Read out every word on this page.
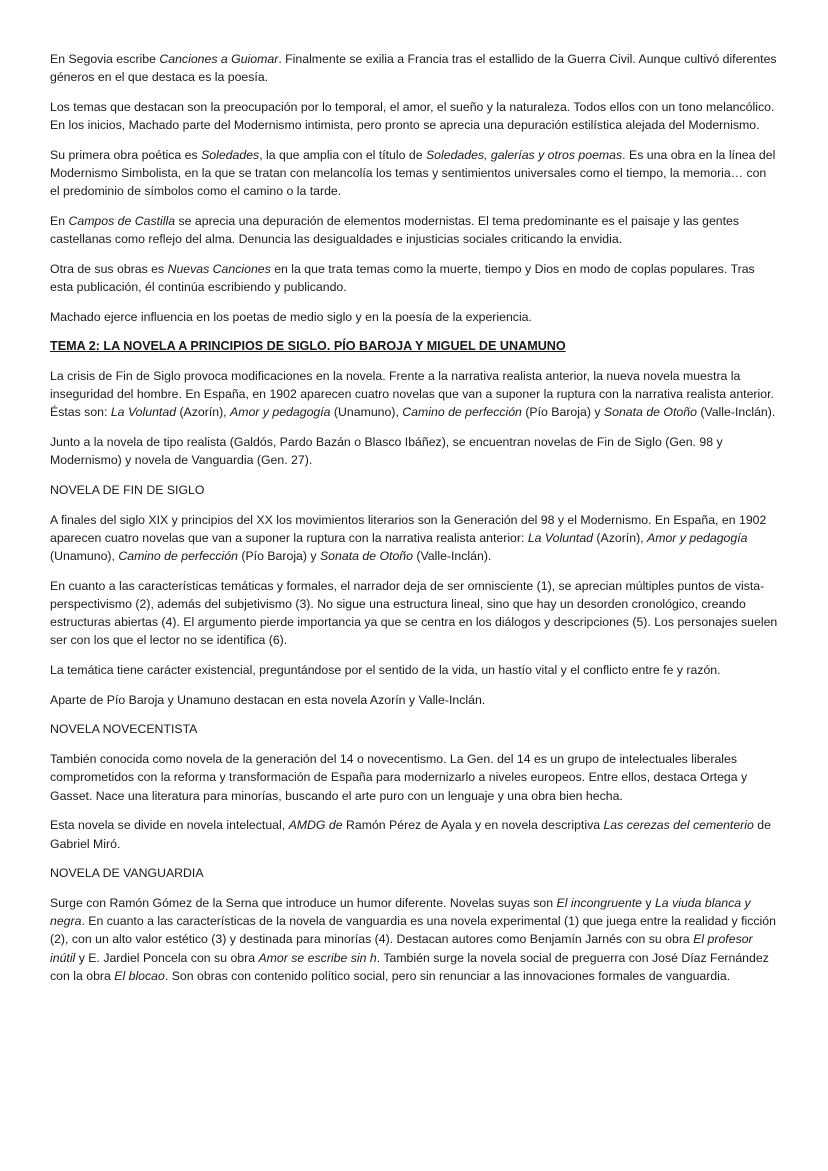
En Segovia escribe Canciones a Guiomar. Finalmente se exilia a Francia tras el estallido de la Guerra Civil. Aunque cultivó diferentes géneros en el que destaca es la poesía.

Los temas que destacan son la preocupación por lo temporal, el amor, el sueño y la naturaleza. Todos ellos con un tono melancólico. En los inicios, Machado parte del Modernismo intimista, pero pronto se aprecia una depuración estilística alejada del Modernismo.

Su primera obra poética es Soledades, la que amplia con el título de Soledades, galerías y otros poemas. Es una obra en la línea del Modernismo Simbolista, en la que se tratan con melancolía los temas y sentimientos universales como el tiempo, la memoria… con el predominio de símbolos como el camino o la tarde.

En Campos de Castilla se aprecia una depuración de elementos modernistas. El tema predominante es el paisaje y las gentes castellanas como reflejo del alma. Denuncia las desigualdades e injusticias sociales criticando la envidia.

Otra de sus obras es Nuevas Canciones en la que trata temas como la muerte, tiempo y Dios en modo de coplas populares. Tras esta publicación, él continúa escribiendo y publicando.

Machado ejerce influencia en los poetas de medio siglo y en la poesía de la experiencia.

TEMA 2: LA NOVELA A PRINCIPIOS DE SIGLO. PÍO BAROJA Y MIGUEL DE UNAMUNO

La crisis de Fin de Siglo provoca modificaciones en la novela. Frente a la narrativa realista anterior, la nueva novela muestra la inseguridad del hombre. En España, en 1902 aparecen cuatro novelas que van a suponer la ruptura con la narrativa realista anterior. Éstas son: La Voluntad (Azorín), Amor y pedagogía (Unamuno), Camino de perfección (Pío Baroja) y Sonata de Otoño (Valle-Inclán).

Junto a la novela de tipo realista (Galdós, Pardo Bazán o Blasco Ibáñez), se encuentran novelas de Fin de Siglo (Gen. 98 y Modernismo) y novela de Vanguardia (Gen. 27).

NOVELA DE FIN DE SIGLO

A finales del siglo XIX y principios del XX los movimientos literarios son la Generación del 98 y el Modernismo. En España, en 1902 aparecen cuatro novelas que van a suponer la ruptura con la narrativa realista anterior: La Voluntad (Azorín), Amor y pedagogía (Unamuno), Camino de perfección (Pío Baroja) y Sonata de Otoño (Valle-Inclán).

En cuanto a las características temáticas y formales, el narrador deja de ser omnisciente (1), se aprecian múltiples puntos de vista-perspectivismo (2), además del subjetivismo (3). No sigue una estructura lineal, sino que hay un desorden cronológico, creando estructuras abiertas (4). El argumento pierde importancia ya que se centra en los diálogos y descripciones (5). Los personajes suelen ser con los que el lector no se identifica (6).

La temática tiene carácter existencial, preguntándose por el sentido de la vida, un hastío vital y el conflicto entre fe y razón.

Aparte de Pío Baroja y Unamuno destacan en esta novela Azorín y Valle-Inclán.

NOVELA NOVECENTISTA

También conocida como novela de la generación del 14 o novecentismo. La Gen. del 14 es un grupo de intelectuales liberales comprometidos con la reforma y transformación de España para modernizarlo a niveles europeos. Entre ellos, destaca Ortega y Gasset. Nace una literatura para minorías, buscando el arte puro con un lenguaje y una obra bien hecha.

Esta novela se divide en novela intelectual, AMDG de Ramón Pérez de Ayala y en novela descriptiva Las cerezas del cementerio de Gabriel Miró.

NOVELA DE VANGUARDIA

Surge con Ramón Gómez de la Serna que introduce un humor diferente. Novelas suyas son El incongruente y La viuda blanca y negra. En cuanto a las características de la novela de vanguardia es una novela experimental (1) que juega entre la realidad y ficción (2), con un alto valor estético (3) y destinada para minorías (4). Destacan autores como Benjamín Jarnés con su obra El profesor inútil y E. Jardiel Poncela con su obra Amor se escribe sin h. También surge la novela social de preguerra con José Díaz Fernández con la obra El blocao. Son obras con contenido político social, pero sin renunciar a las innovaciones formales de vanguardia.
